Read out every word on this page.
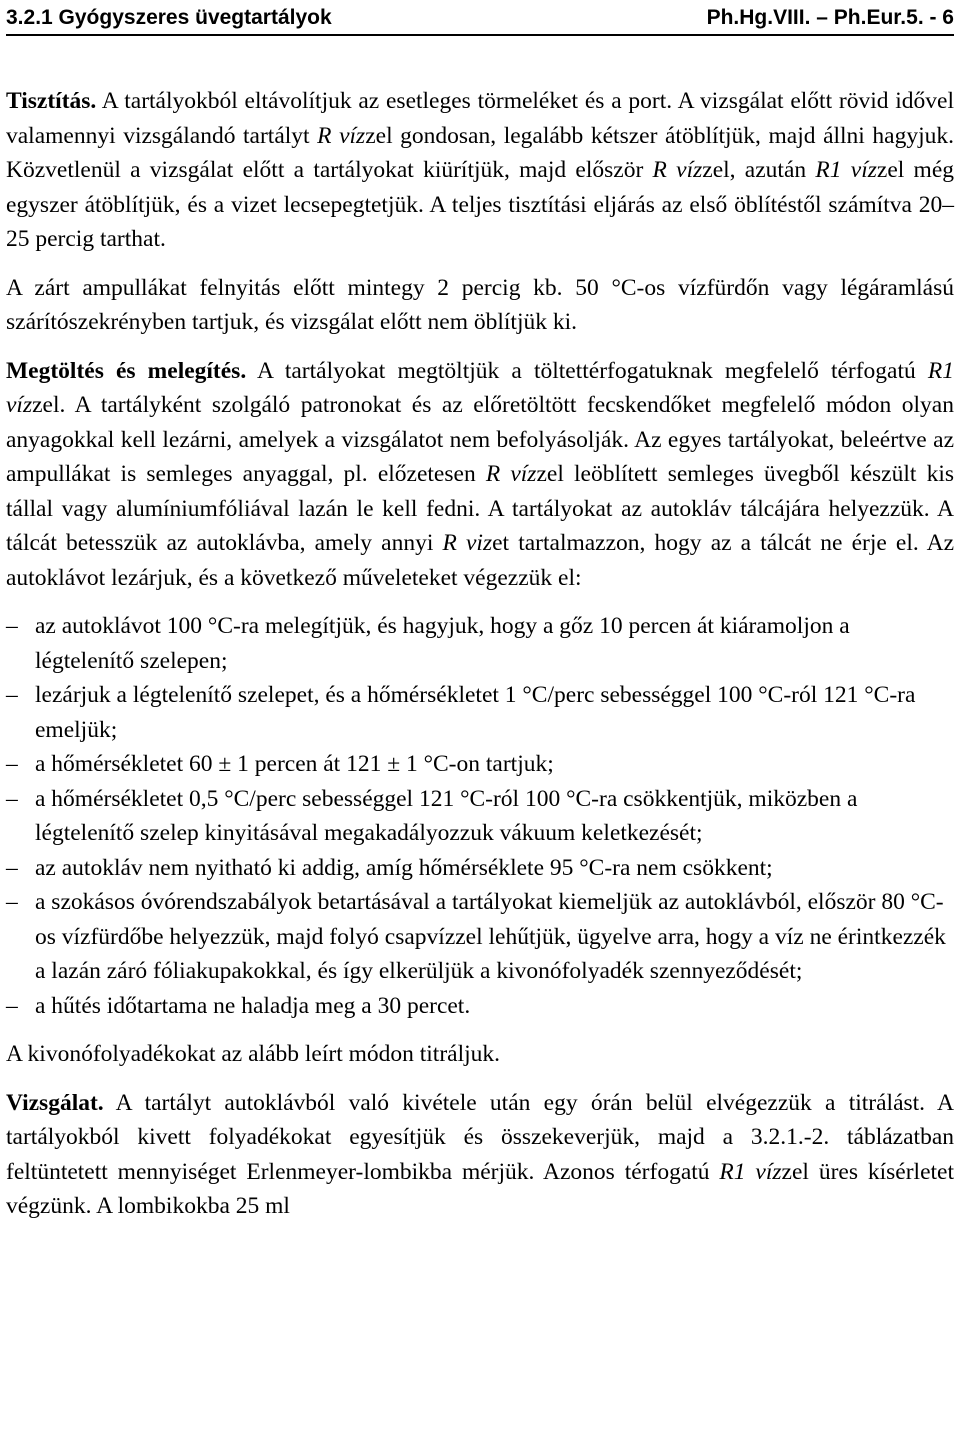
3.2.1 Gyógyszeres üvegtartályok	Ph.Hg.VIII. – Ph.Eur.5. - 6

Tisztítás. A tartályokból eltávolítjuk az esetleges törmeléket és a port. A vizsgálat előtt rövid idővel valamennyi vizsgálandó tartályt R vízzel gondosan, legalább kétszer átöblítjük, majd állni hagyjuk. Közvetlenül a vizsgálat előtt a tartályokat kiürítjük, majd először R vízzel, azután R1 vízzel még egyszer átöblítjük, és a vizet lecsepegtetjük. A teljes tisztítási eljárás az első öblítéstől számítva 20–25 percig tarthat.

A zárt ampullákat felnyitás előtt mintegy 2 percig kb. 50 °C-os vízfürdőn vagy légáramlású szárítószekrényben tartjuk, és vizsgálat előtt nem öblítjük ki.

Megtöltés és melegítés. A tartályokat megtöltjük a töltettérfogatuknak megfelelő térfogatú R1 vízzel. A tartályként szolgáló patronokat és az előretöltött fecskendőket megfelelő módon olyan anyagokkal kell lezárni, amelyek a vizsgálatot nem befolyásolják. Az egyes tartályokat, beleértve az ampullákat is semleges anyaggal, pl. előzetesen R vízzel leöblített semleges üvegből készült kis tállal vagy alumíniumfóliával lazán le kell fedni. A tartályokat az autokláv tálcájára helyezzük. A tálcát betesszük az autoklávba, amely annyi R vizet tartalmazzon, hogy az a tálcát ne érje el. Az autoklávot lezárjuk, és a következő műveleteket végezzük el:

– az autoklávot 100 °C-ra melegítjük, és hagyjuk, hogy a gőz 10 percen át kiáramoljon a légtelenítő szelepen;
– lezárjuk a légtelenítő szelepet, és a hőmérsékletet 1 °C/perc sebességgel 100 °C-ról 121 °C-ra emeljük;
– a hőmérsékletet 60 ± 1 percen át 121 ± 1 °C-on tartjuk;
– a hőmérsékletet 0,5 °C/perc sebességgel 121 °C-ról 100 °C-ra csökkentjük, miközben a légtelenítő szelep kinyitásával megakadályozzuk vákuum keletkezését;
– az autokláv nem nyitható ki addig, amíg hőmérséklete 95 °C-ra nem csökkent;
– a szokásos óvórendszabályok betartásával a tartályokat kiemeljük az autoklávból, először 80 °C-os vízfürdőbe helyezzük, majd folyó csapvízzel lehűtjük, ügyelve arra, hogy a víz ne érintkezzék a lazán záró fóliakupakokkal, és így elkerüljük a kivonófolyadék szennyeződését;
– a hűtés időtartama ne haladja meg a 30 percet.

A kivonófolyadékokat az alább leírt módon titráljuk.

Vizsgálat. A tartályt autoklávból való kivétele után egy órán belül elvégezzük a titrálást. A tartályokból kivett folyadékokat egyesítjük és összekeverjük, majd a 3.2.1.-2. táblázatban feltüntetett mennyiséget Erlenmeyer-lombikba mérjük. Azonos térfogatú R1 vízzel üres kísérletet végzünk. A lombikokba 25 ml
